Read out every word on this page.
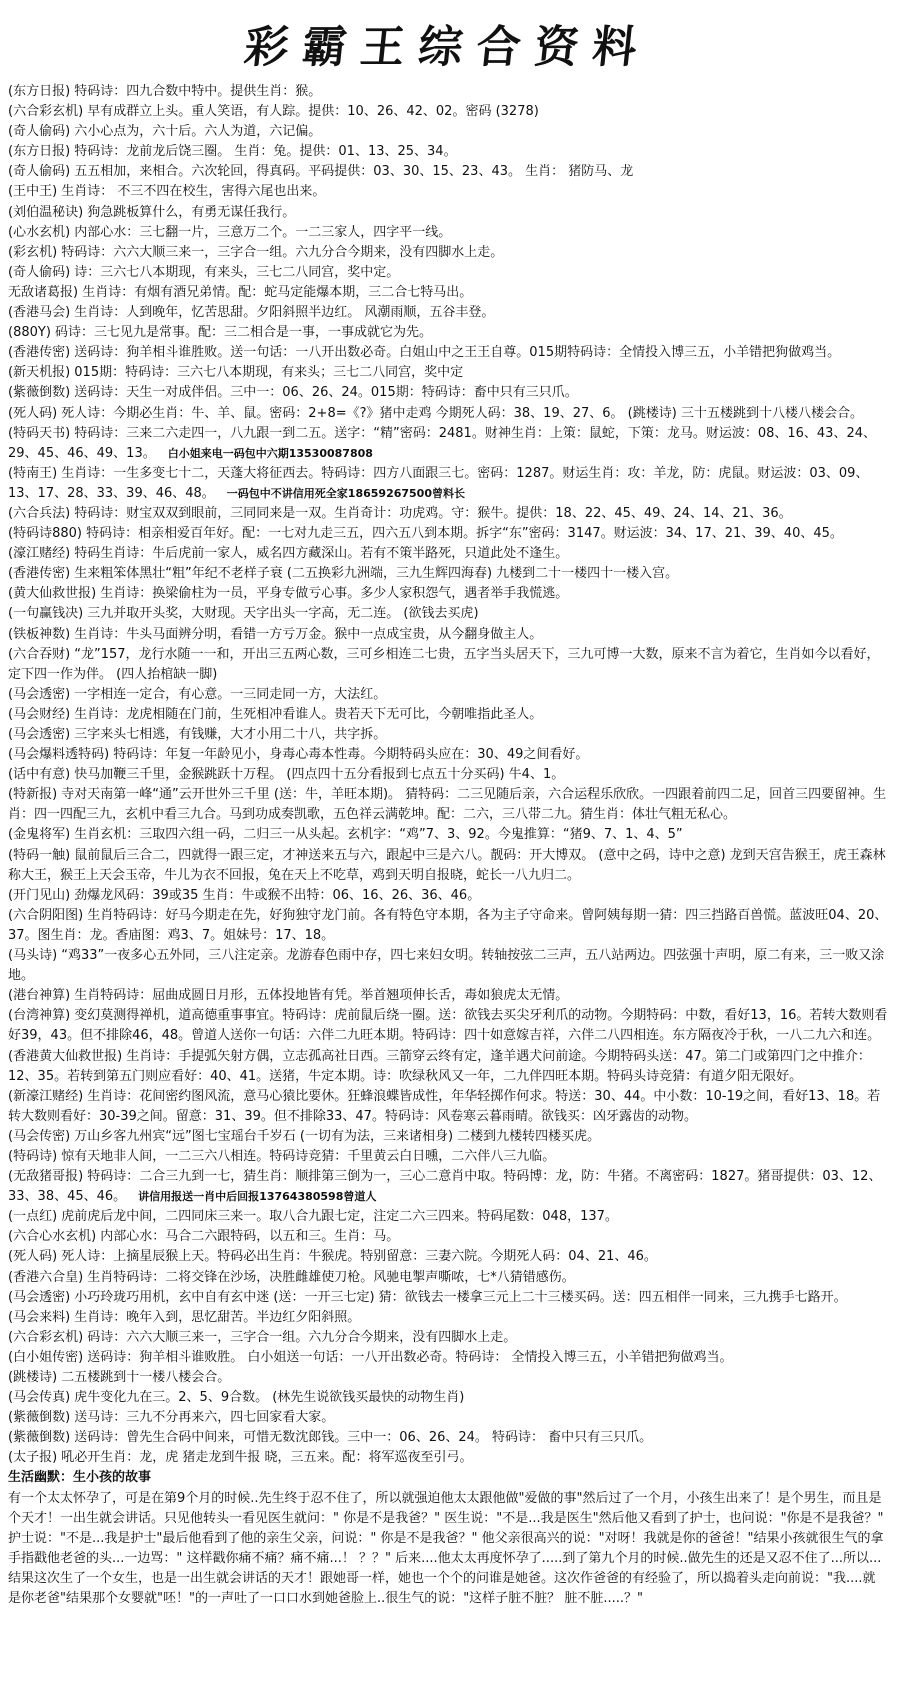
彩霸王综合资料

(东方日报) 特码诗：四九合数中特中。提供生肖：猴。

(六合彩玄机) 早有成群立上头。重人笑语，有人踪。提供：10、26、42、02。密码 (3278)

(奇人偷码) 六小心点为，六十后。六人为道，六记偏。

(东方日报) 特码诗：龙前龙后饶三圈。 生肖：兔。提供：01、13、25、34。

(奇人偷码) 五五相加，来相合。六次轮回，得真码。平码提供：03、30、15、23、43。 生肖： 猪防马、龙

(王中王) 生肖诗： 不三不四在校生，害得六尾也出来。

(刘伯温秘诀) 狗急跳板算什么，有勇无谋任我行。

(心水玄机) 内部心水：三七翻一片，三意万二个。一二三家人，四字平一线。

(彩玄机) 特码诗：六六大顺三来一，三字合一组。六九分合今期来，没有四脚水上走。

(奇人偷码) 诗：三六七八本期现，有来头，三七二八同宫，奖中定。

无敌诸葛报) 生肖诗：有烟有酒兄弟情。配：蛇马定能爆本期，三二合七特马出。

(香港马会) 生肖诗：人到晚年，忆苦思甜。夕阳斜照半边红。 风潮雨顺，五谷丰登。

(880Y) 码诗：三七见九是常事。配：三二相合是一事，一事成就它为先。

(香港传密) 送码诗：狗羊相斗谁胜败。送一句话：一八开出数必奇。白姐山中之王王自尊。015期特码诗：全情投入博三五，小羊错把狗做鸡当。

(新天机报) 015期：特码诗：三六七八本期现，有来头；三七二八同宫，奖中定

(紫薇倒数) 送码诗：天生一对成伴侣。三中一：06、26、24。015期：特码诗：畜中只有三只爪。

(死人码) 死人诗：今期必生肖：牛、羊、鼠。密码：2+8=《?》猪中走鸡 今期死人码：38、19、27、6。 (跳楼诗) 三十五楼跳到十八楼八楼会合。

(特码天书) 特码诗：三来二六走四一，八九跟一到二五。送字：“精”密码：2481。财神生肖：上策：鼠蛇，下策：龙马。财运波：08、16、43、24、29、45、46、49、13。 白小姐来电一码包中六期13530087808

(特南王) 生肖诗：一生多变七十二，天蓬大将征西去。特码诗：四方八面跟三七。密码：1287。财运生肖：攻：羊龙，防：虎鼠。财运波：03、09、13、17、28、33、39、46、48。 一码包中不讲信用死全家18659267500曾料长

(六合兵法) 特码诗：财宝双双到眼前，三同同来是一双。生肖奇计：功虎鸡。守：猴牛。提供：18、22、45、49、24、14、21、36。

(特码诗880) 特码诗：相亲相爱百年好。配：一七对九走三五，四六五八到本期。拆字“东”密码：3147。财运波：34、17、21、39、40、45。

(濠江赌经) 特码生肖诗：牛后虎前一家人，威名四方藏深山。若有不策半路死，只道此处不逢生。

(香港传密) 生来粗笨体黑壮“粗”年纪不老样子衰 (二五换彩九洲端，三九生辉四海春) 九楼到二十一楼四十一楼入宫。

(黄大仙救世报) 生肖诗：换梁偷柱为一员，平身专做亏心事。多少人家积怨气，遇者举手我慌逃。

(一句赢钱决) 三九并取开头奖，大财现。天字出头一字高，无二连。 (欲钱去买虎)

(铁板神数) 生肖诗：牛头马面辨分明，看错一方亏万金。猴中一点成宝贵，从今翻身做主人。

(六合吞财) “龙”157，龙行水随一一和，开出三五两心数，三可乡相连二七贵，五字当头居天下，三九可博一大数，原来不言为着它，生肖如今以看好，定下四一作为伴。 (四人抬棺缺一脚)

(马会透密) 一字相连一定合，有心意。一三同走同一方，大法红。

(马会财经) 生肖诗：龙虎相随在门前，生死相冲看谁人。贵若天下无可比，今朝唯指此圣人。

(马会透密) 三字来头七相逃，有钱赚，大才小用二十八，共字拆。

(马会爆料透特码) 特码诗：年复一年龄见小，身毒心毒本性毒。今期特码头应在：30、49之间看好。

(话中有意) 快马加鞭三千里，金猴跳跃十万程。 (四点四十五分看报到七点五十分买码) 牛4、1。

(特新报) 寺对天南第一峰“通”云开世外三千里 (送：牛，羊旺本期)。 猜特码：二三见随后亲，六合运程乐欣欣。一四跟着前四二足，回首三四要留神。生肖：四一四配三九，玄机中看三九合。马到功成奏凯歌，五色祥云满乾坤。配：二六，三八带二九。猜生肖：体壮气粗无私心。

(金鬼将军) 生肖玄机：三取四六组一码，二归三一从头起。玄机字：“鸡”7、3、92。今鬼推算：“猪9、7、1、4、5”

(特码一触) 鼠前鼠后三合二，四就得一跟三定，才神送来五与六，跟起中三是六八。靓码：开大博双。 (意中之码，诗中之意) 龙到天宫告猴王，虎王森林称大王，猴王上天会玉帝，牛儿为衣不回报，兔在天上不吃草，鸡到天明自报晓，蛇长一八九归二。

(开门见山) 劲爆龙风码：39或35 生肖：牛或猴不出特：06、16、26、36、46。

(六合阴阳图) 生肖特码诗：好马今期走在先，好狗独守龙门前。各有特色守本期，各为主子守命来。曾阿姨每期一猜：四三挡路百兽慌。蓝波旺04、20、37。图生肖：龙。香庙图：鸡3、7。姐妹号：17、18。

(马头诗) “鸡33”一夜多心五外同，三八注定亲。龙游春色雨中存，四七来妇女明。转轴按弦二三声，五八站两边。四弦强十声明，原二有来，三一败又涂地。

(港台神算) 生肖特码诗：屈曲成圆日月形，五体投地皆有凭。举首翘项伸长舌，毒如狼虎太无情。

(台湾神算) 变幻莫测得禅机，道高德重事事宜。特码诗：虎前鼠后绕一圈。送：欲钱去买尖牙利爪的动物。今期特码：中数，看好13，16。若转大数则看好39，43。但不排除46，48。曾道人送你一句话：六伴二九旺本期。特码诗：四十如意嫁吉祥，六伴二八四相连。东方隔夜冷于秋，一八二九六和连。

(香港黄大仙救世报) 生肖诗：手提弧矢射方偶，立志孤高社日西。三箭穿云终有定，逢羊遇犬问前途。今期特码头送：47。第二门或第四门之中推介：12、35。若转到第五门则应看好：40、41。送猪，牛定本期。诗：吹绿秋风又一年，二九伴四旺本期。特码头诗竞猜：有道夕阳无限好。

(新濠江赌经) 生肖诗：花间密约图风流，意马心猿比要休。狂蜂浪蝶皆成性，年华轻掷作何求。特送：30、44。中小数：10-19之间，看好13、18。若转大数则看好：30-39之间。留意：31、39。但不排除33、47。特码诗：风卷寒云暮雨晴。欲钱买：凶牙露齿的动物。

(马会传密) 万山乡客九州宾“远”图七宝瑶台千岁石 (一切有为法，三来诸相身) 二楼到九楼转四楼买虎。

(特码诗) 惊有天地非人间，一二三六八相连。特码诗竞猜：千里黄云白日曛，二六伴八三九临。

(无敌猪哥报) 特码诗：二合三九到一七，猜生肖：顺排第三倒为一，三心二意肖中取。特码博：龙，防：牛猪。不离密码：1827。猪哥提供：03、12、33、38、45、46。 讲信用报送一肖中后回报13764380598曾道人

(一点红) 虎前虎后龙中间，二四同床三来一。取八合九跟七定，注定二六三四来。特码尾数：048，137。

(六合心水玄机) 内部心水：马合二六跟特码，以五和三。生肖：马。

(死人码) 死人诗：上摘星辰猴上天。特码必出生肖：牛猴虎。特别留意：三妻六院。今期死人码：04、21、46。

(香港六合皇) 生肖特码诗：二将交锋在沙场，决胜雌雄使刀枪。风驰电掣声嘶哝，七*八猜错感伤。

(马会透密) 小巧玲珑巧用机，玄中自有玄中迷 (送：一开三七定) 猜：欲钱去一楼拿三元上二十三楼买码。送：四五相伴一同来，三九携手七路开。

(马会来料) 生肖诗：晚年入到，思忆甜苦。半边红夕阳斜照。

(六合彩玄机) 码诗：六六大顺三来一，三字合一组。六九分合今期来，没有四脚水上走。

(白小姐传密) 送码诗：狗羊相斗谁败胜。 白小姐送一句话：一八开出数必奇。特码诗： 全情投入博三五，小羊错把狗做鸡当。

(跳楼诗) 二五楼跳到十一楼八楼会合。

(马会传真) 虎牛变化九在三。2、5、9合数。 (林先生说欲钱买最快的动物生肖)

(紫薇倒数) 送马诗：三九不分再来六，四七回家看大家。

(紫薇倒数) 送码诗：曾先生合码中间来，可惜无数沈郎钱。三中一：06、26、24。 特码诗： 畜中只有三只爪。

(太子报) 吼必开生肖：龙，虎 猪走龙到牛报 晓，三五来。配：将军巡夜至引弓。

生活幽默：生小孩的故事

有一个太太怀孕了，可是在第9个月的时候..先生终于忍不住了，所以就强迫他太太跟他做"爱做的事"然后过了一个月，小孩生出来了！是个男生，而且是个天才！一出生就会讲话。只见他转头一看见医生就问：" 你是不是我爸？" 医生说："不是...我是医生"然后他又看到了护士，也问说："你是不是我爸？" 护士说："不是...我是护士"最后他看到了他的亲生父亲，问说：" 你是不是我爸？" 他父亲很高兴的说："对呀！我就是你的爸爸！"结果小孩就很生气的拿手指戳他老爸的头...一边骂：" 这样戳你痛不痛？痛不痛...！ ？？" 后来....他太太再度怀孕了.....到了第九个月的时候..做先生的还是又忍不住了...所以...结果这次生了一个女生，也是一出生就会讲话的天才！跟她哥一样，她也一个个的问谁是她爸。这次作爸爸的有经验了，所以捣着头走向前说："我....就是你老爸"结果那个女婴就"呸！"的一声吐了一口口水到她爸脸上..很生气的说："这样子脏不脏？ 脏不脏.....？"
